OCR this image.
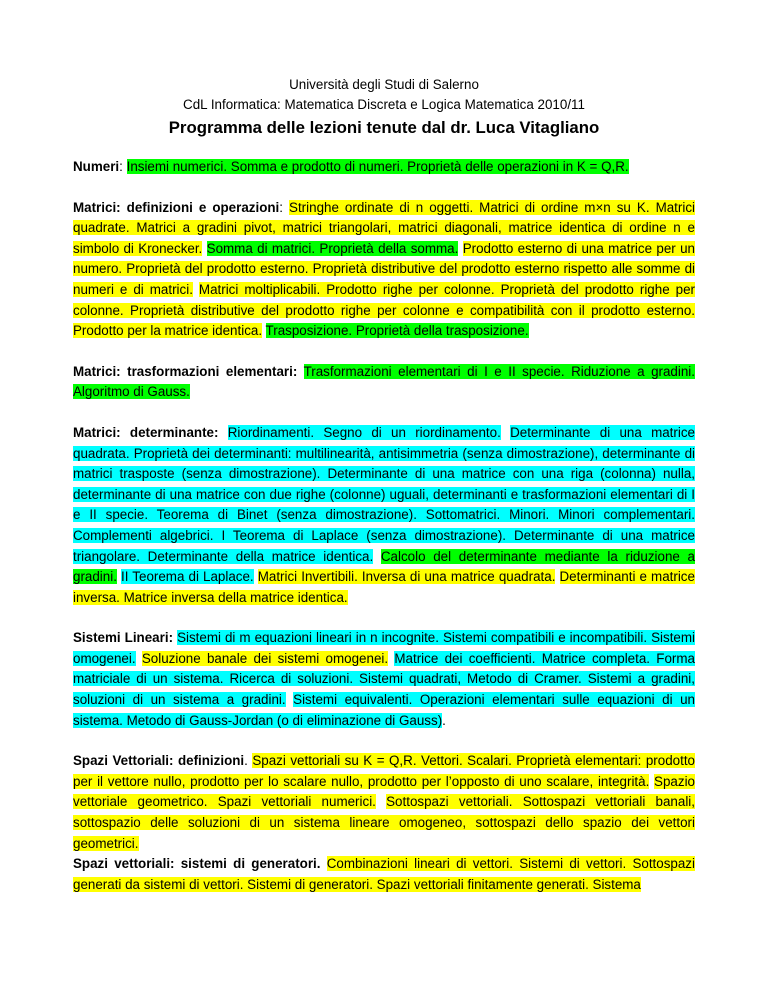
Università degli Studi di Salerno
CdL Informatica: Matematica Discreta e Logica Matematica 2010/11
Programma delle lezioni tenute dal dr. Luca Vitagliano
Numeri: Insiemi numerici. Somma e prodotto di numeri. Proprietà delle operazioni in K = Q,R.
Matrici: definizioni e operazioni: Stringhe ordinate di n oggetti. Matrici di ordine m×n su K. Matrici quadrate. Matrici a gradini pivot, matrici triangolari, matrici diagonali, matrice identica di ordine n e simbolo di Kronecker. Somma di matrici. Proprietà della somma. Prodotto esterno di una matrice per un numero. Proprietà del prodotto esterno. Proprietà distributive del prodotto esterno rispetto alle somme di numeri e di matrici. Matrici moltiplicabili. Prodotto righe per colonne. Proprietà del prodotto righe per colonne. Proprietà distributive del prodotto righe per colonne e compatibilità con il prodotto esterno. Prodotto per la matrice identica. Trasposizione. Proprietà della trasposizione.
Matrici: trasformazioni elementari: Trasformazioni elementari di I e II specie. Riduzione a gradini. Algoritmo di Gauss.
Matrici: determinante: Riordinamenti. Segno di un riordinamento. Determinante di una matrice quadrata. Proprietà dei determinanti: multilinearità, antisimmetria (senza dimostrazione), determinante di matrici trasposte (senza dimostrazione). Determinante di una matrice con una riga (colonna) nulla, determinante di una matrice con due righe (colonne) uguali, determinanti e trasformazioni elementari di I e II specie. Teorema di Binet (senza dimostrazione). Sottomatrici. Minori. Minori complementari. Complementi algebrici. I Teorema di Laplace (senza dimostrazione). Determinante di una matrice triangolare. Determinante della matrice identica. Calcolo del determinante mediante la riduzione a gradini. II Teorema di Laplace. Matrici Invertibili. Inversa di una matrice quadrata. Determinanti e matrice inversa. Matrice inversa della matrice identica.
Sistemi Lineari: Sistemi di m equazioni lineari in n incognite. Sistemi compatibili e incompatibili. Sistemi omogenei. Soluzione banale dei sistemi omogenei. Matrice dei coefficienti. Matrice completa. Forma matriciale di un sistema. Ricerca di soluzioni. Sistemi quadrati, Metodo di Cramer. Sistemi a gradini, soluzioni di un sistema a gradini. Sistemi equivalenti. Operazioni elementari sulle equazioni di un sistema. Metodo di Gauss-Jordan (o di eliminazione di Gauss).
Spazi Vettoriali: definizioni. Spazi vettoriali su K = Q,R. Vettori. Scalari. Proprietà elementari: prodotto per il vettore nullo, prodotto per lo scalare nullo, prodotto per l’opposto di uno scalare, integrità. Spazio vettoriale geometrico. Spazi vettoriali numerici. Sottospazi vettoriali. Sottospazi vettoriali banali, sottospazio delle soluzioni di un sistema lineare omogeneo, sottospazi dello spazio dei vettori geometrici.
Spazi vettoriali: sistemi di generatori. Combinazioni lineari di vettori. Sistemi di vettori. Sottospazi generati da sistemi di vettori. Sistemi di generatori. Spazi vettoriali finitamente generati. Sistema
